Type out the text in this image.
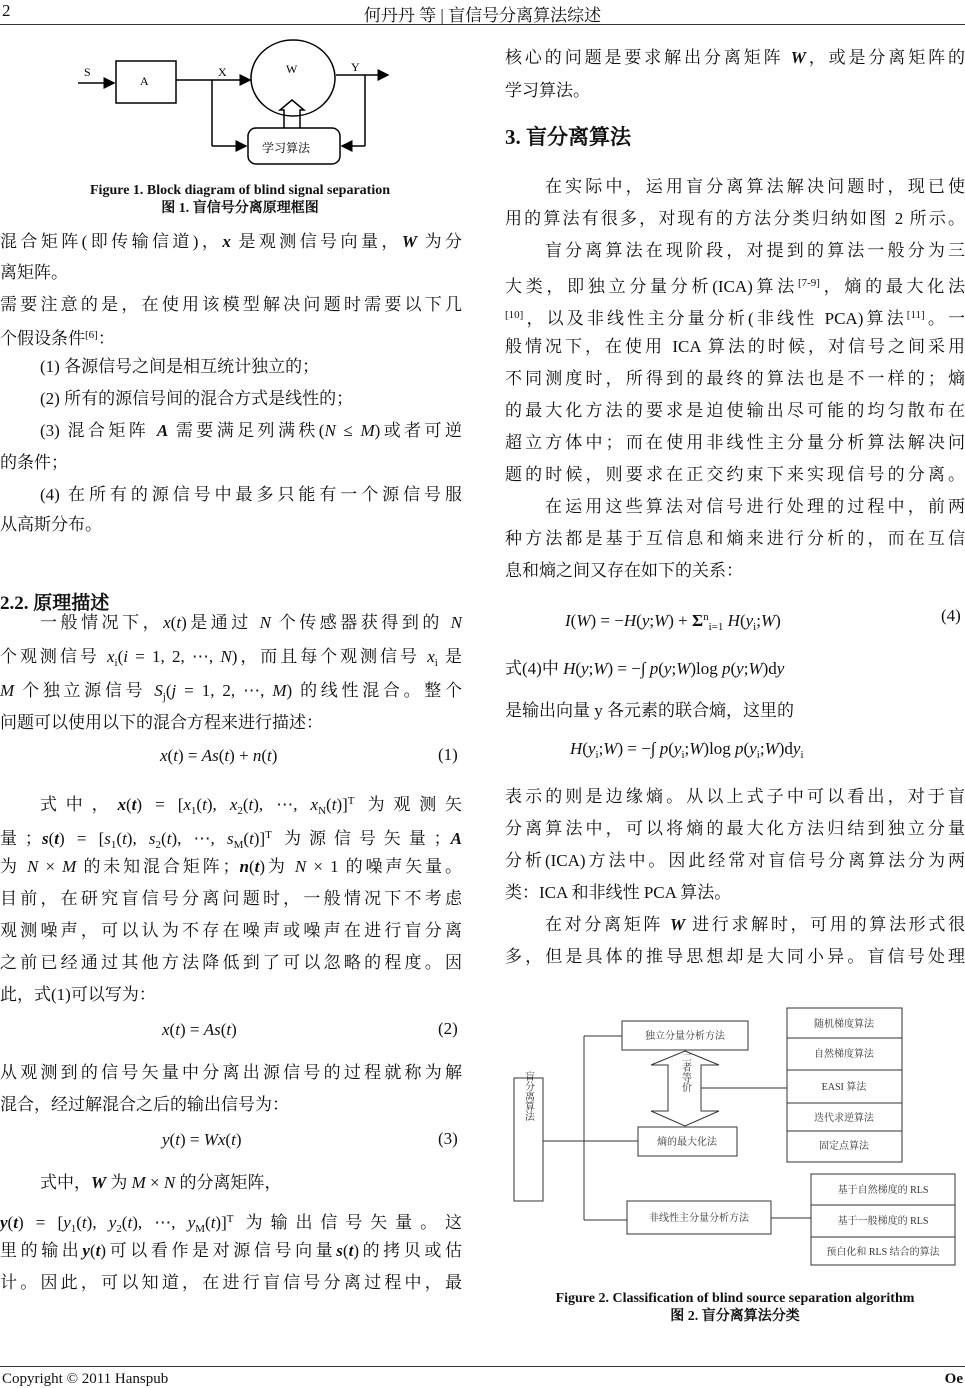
2	何丹丹 等 | 盲信号分离算法综述
S
A
X	W	Y
学习算法
Figure 1. Block diagram of blind signal separation
图 1. 盲信号分离原理框图
独立分量分析方法
熵的最大化法
非线性主分量分析方法
随机梯度算法
自然梯度算法
EASI 算法
迭代求逆算法
固定点算法
基于自然梯度的 RLS
基于一般梯度的 RLS
预白化和 RLS 结合的算法
盲分离算法	二者等价
Figure 2. Classification of blind source separation algorithm
图 2. 盲分离算法分类
混合矩阵(即传输信道)，x 是观测信号向量，W 为分
离矩阵。
需要注意的是，在使用该模型解决问题时需要以下几
个假设条件[6]：
(1) 各源信号之间是相互统计独立的；
(2) 所有的源信号间的混合方式是线性的；
(3) 混合矩阵 A 需要满足列满秩(N ≤ M)或者可逆
的条件；
(4) 在所有的源信号中最多只能有一个源信号服
从高斯分布。
2.2. 原理描述
一般情况下，x(t)是通过 N 个传感器获得到的 N
个观测信号 $x_i(i = 1$, 2, ⋯, N)，而且每个观测信号 $x_i$ 是
M 个独立源信号 $S_j(j = 1$, 2, ⋯, M) 的线性混合。整个
问题可以使用以下的混合方程来进行描述：
x(t) = As(t) + n(t)
式中，$x(t) = [x_1(t)$, $x_2(t)$, ⋯, $x_N(t)]^T$ 为观测矢
量；$s(t) = [s_1(t)$, $s_2(t)$, ⋯, $s_M(t)]^T$ 为源信号矢量；A
为 N × M 的未知混合矩阵；n(t)为 N × 1 的噪声矢量。
目前，在研究盲信号分离问题时，一般情况下不考虑
观测噪声，可以认为不存在噪声或噪声在进行盲分离
之前已经通过其他方法降低到了可以忽略的程度。因
此，式(1)可以写为：
x(t) = As(t)
从观测到的信号矢量中分离出源信号的过程就称为解
混合，经过解混合之后的输出信号为：
y(t) = Wx(t)
式中，W 为 M × N 的分离矩阵，
$y(t) = [y_1(t)$, $y_2(t)$, ⋯, $y_M(t)]^T$ 为输出信号矢量。这
里的输出y(t)可以看作是对源信号向量s(t)的拷贝或估
计。因此，可以知道，在进行盲信号分离过程中，最
核心的问题是要求解出分离矩阵 W，或是分离矩阵的
学习算法。
3. 盲分离算法
在实际中，运用盲分离算法解决问题时，现已使
用的算法有很多，对现有的方法分类归纳如图 2 所示。
盲分离算法在现阶段，对提到的算法一般分为三
大类，即独立分量分析(ICA)算法[7-9]，熵的最大化法
[10]，以及非线性主分量分析(非线性 PCA)算法[11]。一
般情况下，在使用 ICA 算法的时候，对信号之间采用
不同测度时，所得到的最终的算法也是不一样的；熵
的最大化方法的要求是迫使输出尽可能的均匀散布在
超立方体中；而在使用非线性主分量分析算法解决问
题的时候，则要求在正交约束下来实现信号的分离。
在运用这些算法对信号进行处理的过程中，前两
种方法都是基于互信息和熵来进行分析的，而在互信
息和熵之间又存在如下的关系：
I(W) = −H(y;W) + $\Sigma^n_{i=1}$ $H(y_i;W)$
式(4)中 H(y;W) = −∫ p(y;W)log p(y;W)dy
是输出向量 y 各元素的联合熵，这里的
$H(y_i;W)$ = −∫ $p(y_i;W)\log$ $p(y_i;W)dy_i$
表示的则是边缘熵。从以上式子中可以看出，对于盲
分离算法中，可以将熵的最大化方法归结到独立分量
分析(ICA)方法中。因此经常对盲信号分离算法分为两
类：ICA 和非线性 PCA 算法。
在对分离矩阵 W 进行求解时，可用的算法形式很
多，但是具体的推导思想却是大同小异。盲信号处理
(1)
(2)
(3)
(4)
Copyright © 2011 Hanspub	Oe
